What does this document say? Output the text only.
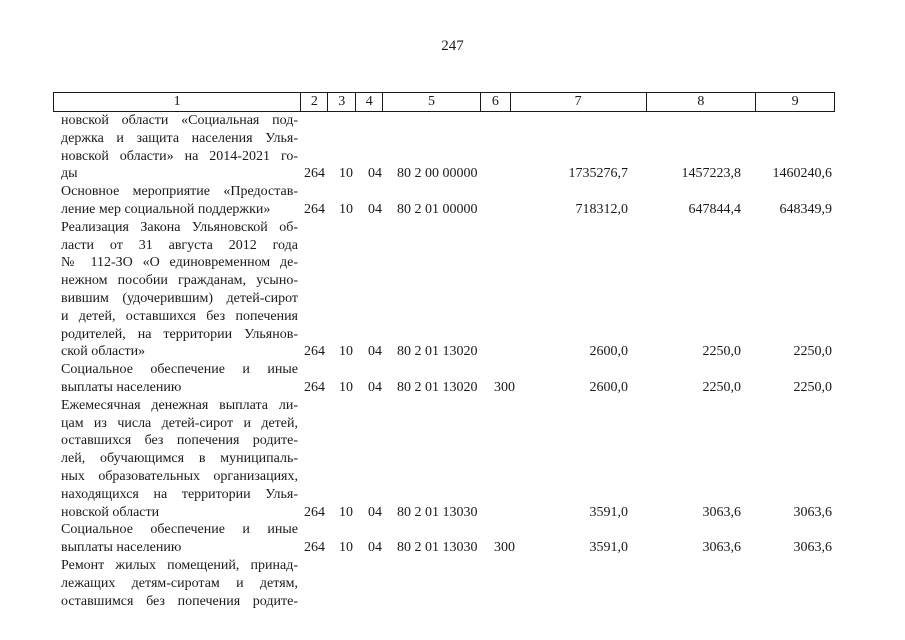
247
1	2	3	4	5	6	7	8	9
новской области «Социальная под-
держка и защита населения Улья-
новской области» на 2014-2021 го-
ды	264 10 04 80 2 00 00000	1735276,7	1457223,8 1460240,6
Основное мероприятие «Предостав-
ление мер социальной поддержки»	264 10 04 80 2 01 00000	718312,0	647844,4	648349,9
Реализация Закона Ульяновской об-
ласти от 31 августа 2012 года
№ 112-ЗО «О единовременном де-
нежном пособии гражданам, усыно-
вившим (удочерившим) детей-сирот
и детей, оставшихся без попечения
родителей, на территории Ульянов-
ской области»	264 10 04 80 2 01 13020	2600,0	2250,0	2250,0
Социальное обеспечение и иные
выплаты населению	264 10 04 80 2 01 13020 300	2600,0	2250,0	2250,0
Ежемесячная денежная выплата ли-
цам из числа детей-сирот и детей,
оставшихся без попечения родите-
лей, обучающимся в муниципаль-
ных образовательных организациях,
находящихся на территории Улья-
новской области	264 10 04 80 2 01 13030	3591,0	3063,6	3063,6
Социальное обеспечение и иные
выплаты населению	264 10 04 80 2 01 13030 300	3591,0	3063,6	3063,6
Ремонт жилых помещений, принад-
лежащих детям-сиротам и детям,
оставшимся без попечения родите-
